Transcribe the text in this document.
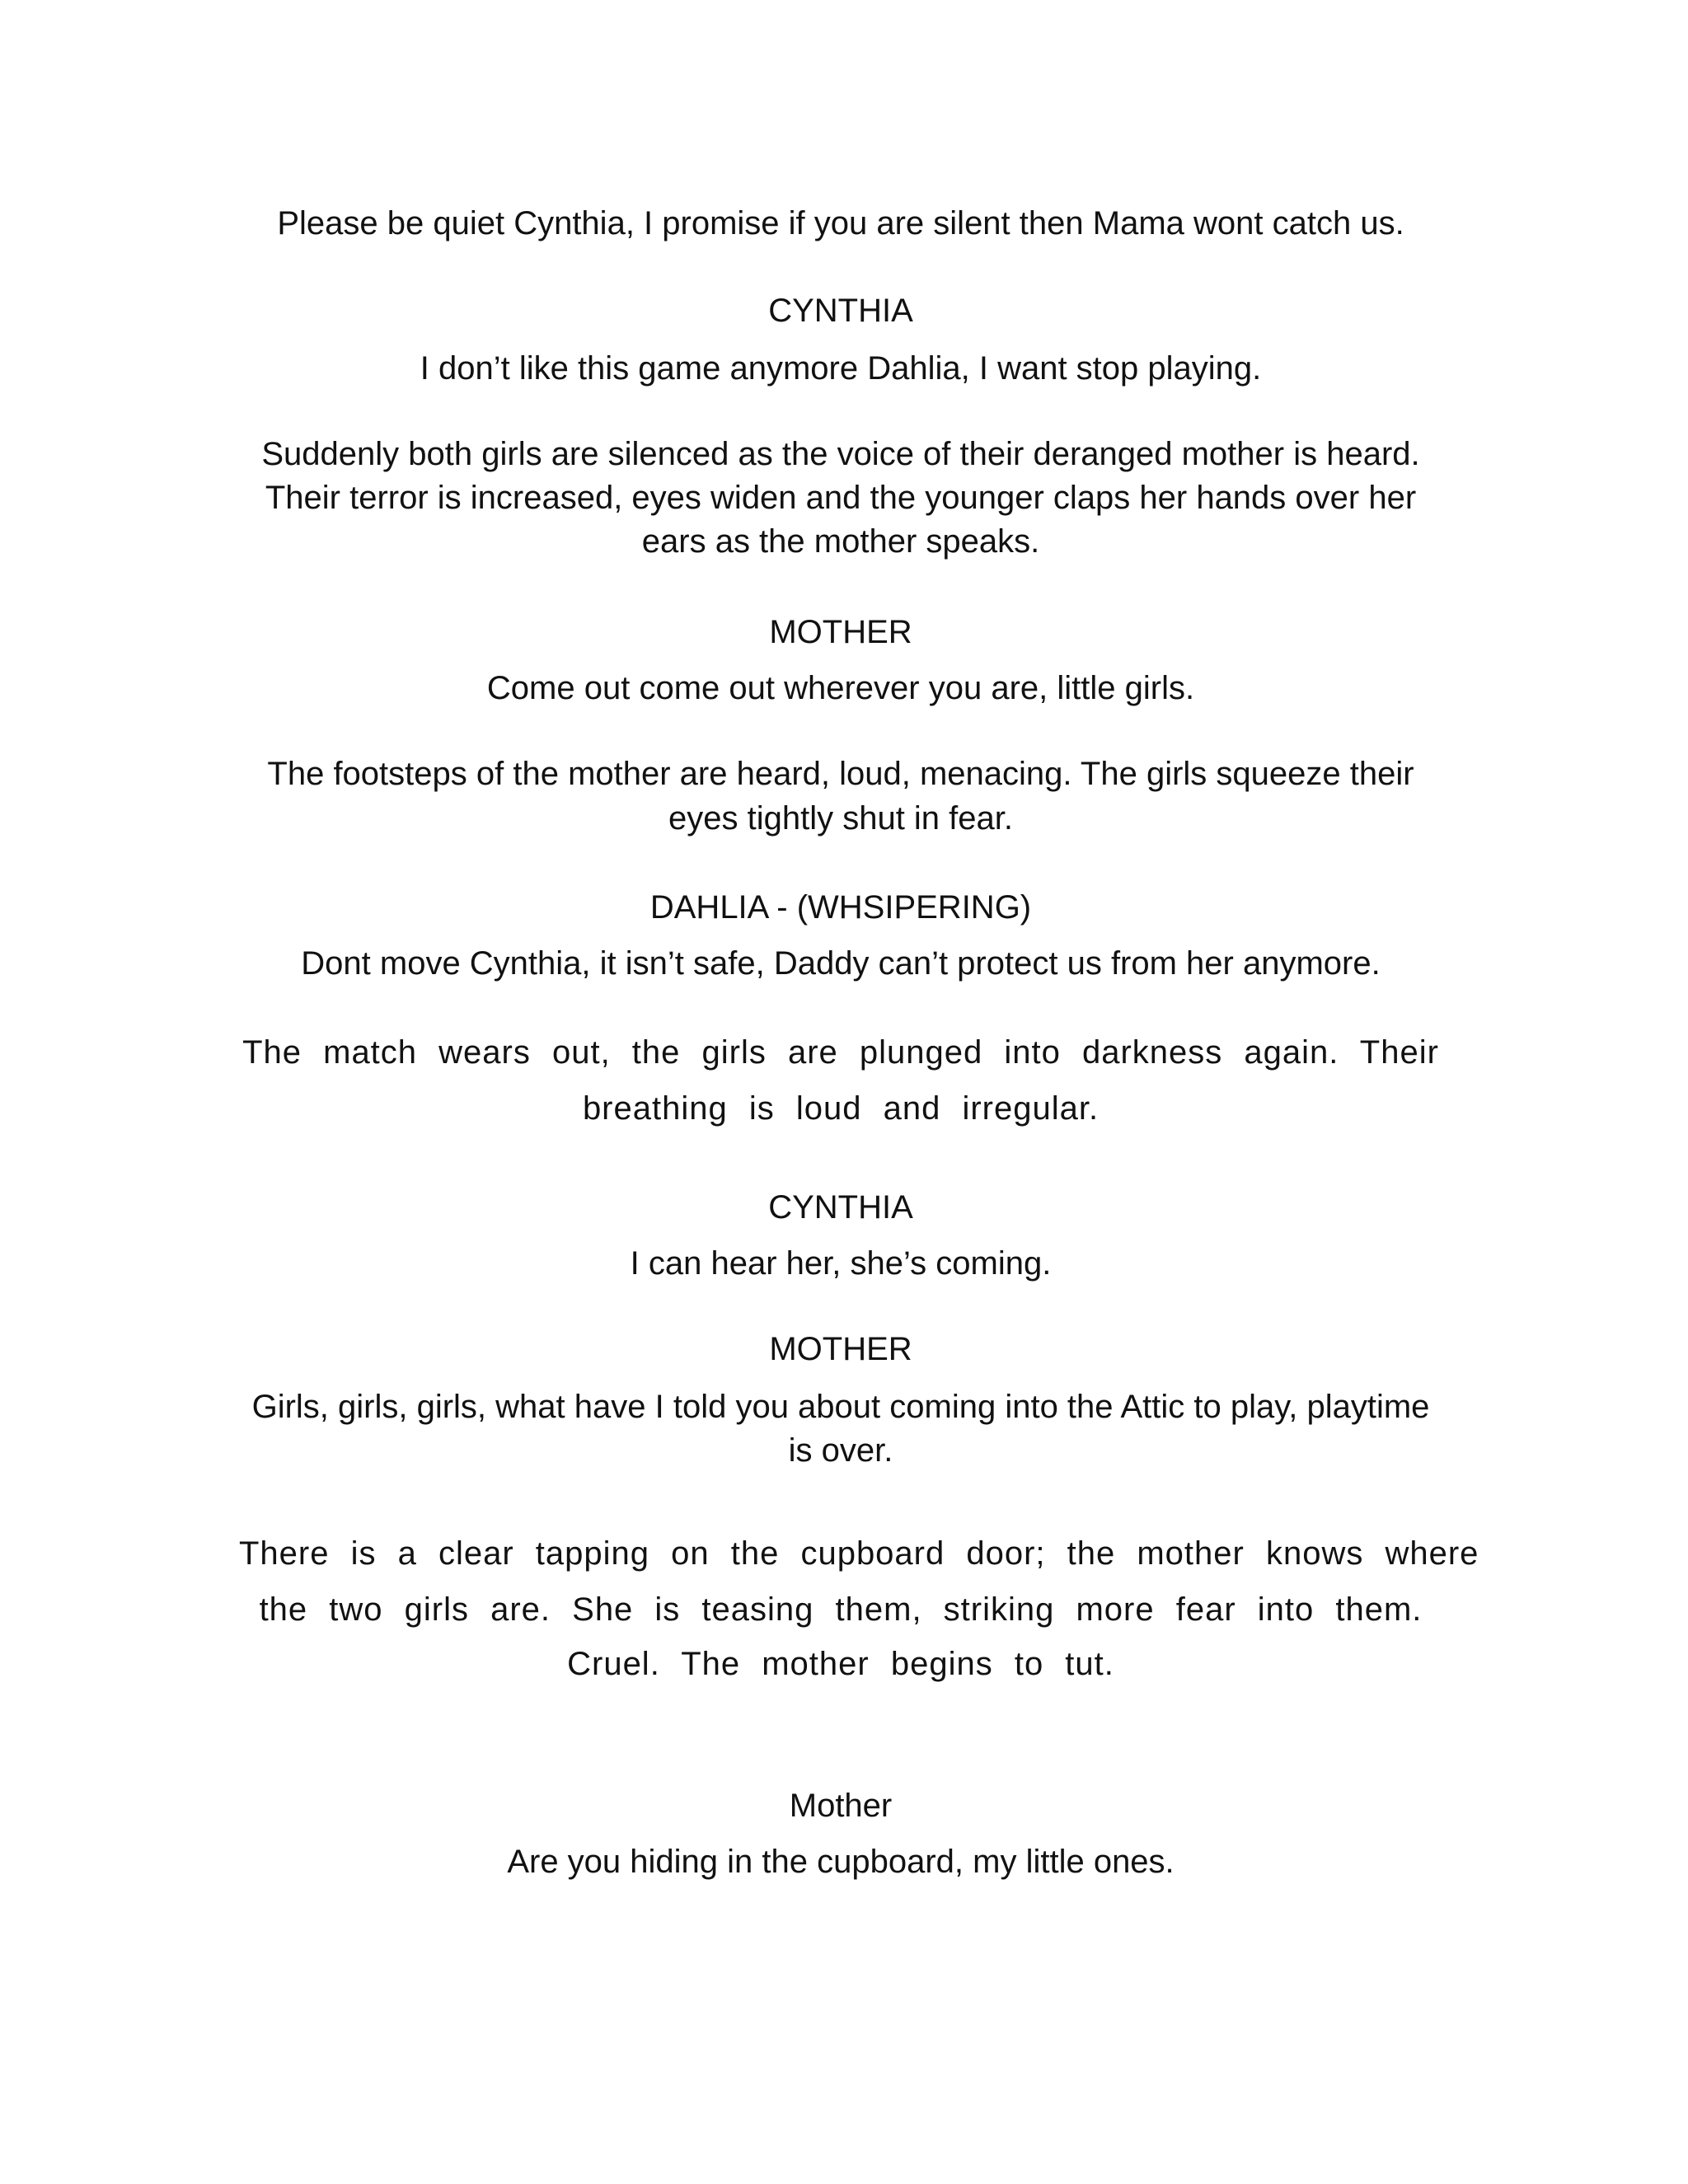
Please be quiet Cynthia, I promise if you are silent then Mama wont catch us.
CYNTHIA
I don’t like this game anymore Dahlia, I want stop playing.
Suddenly both girls are silenced as the voice of their deranged mother is heard.
Their terror is increased, eyes widen and the younger claps her hands over her
ears as the mother speaks.
MOTHER
Come out come out wherever you are, little girls.
The footsteps of the mother are heard, loud, menacing. The girls squeeze their
eyes tightly shut in fear.
DAHLIA - (WHSIPERING)
Dont move Cynthia, it isn’t safe, Daddy can’t protect us from her anymore.
The match wears out, the girls are plunged into darkness again. Their
breathing is loud and irregular.
CYNTHIA
I can hear her, she’s coming.
MOTHER
Girls, girls, girls, what have I told you about coming into the Attic to play, playtime
is over.
There is a clear tapping on the cupboard door; the mother knows where
the two girls are. She is teasing them, striking more fear into them.
Cruel. The mother begins to tut.
Mother
Are you hiding in the cupboard, my little ones.
